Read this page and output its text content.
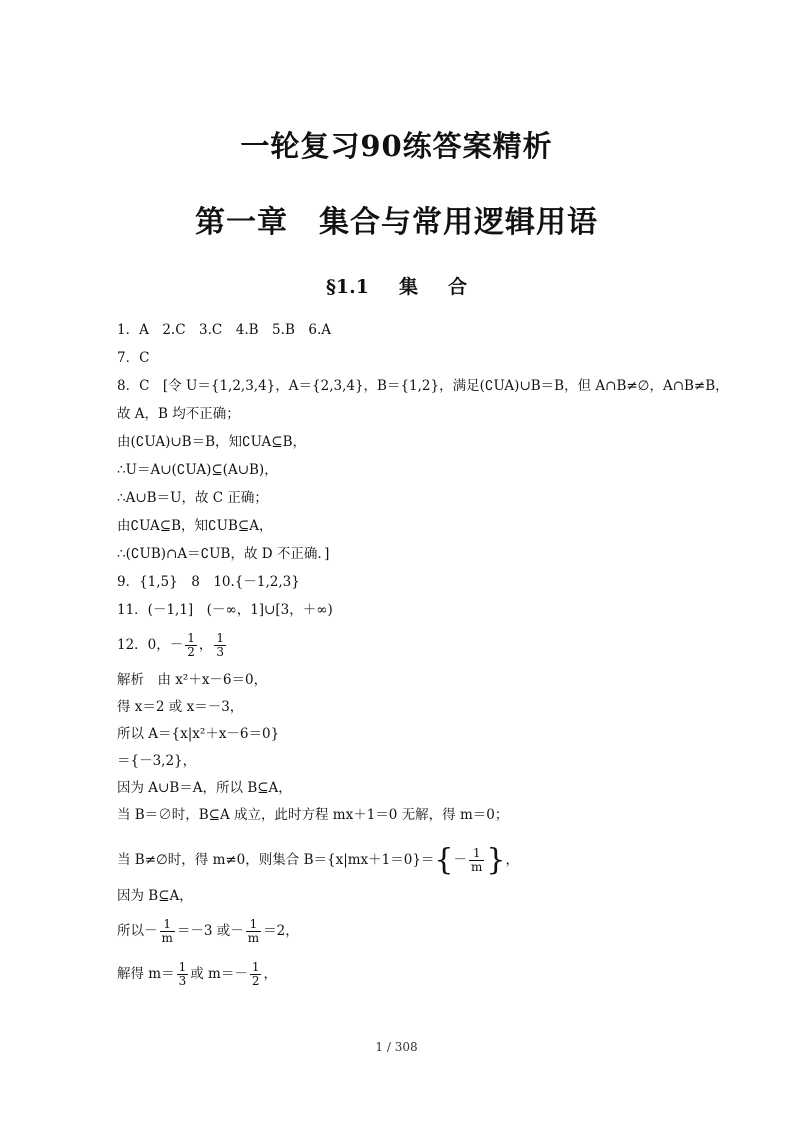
一轮复习90练答案精析
第一章　集合与常用逻辑用语
§1.1 集 合
1．A　2.C　3.C　4.B　5.B　6.A
7．C
8．C　[令 U＝{1,2,3,4}，A＝{2,3,4}，B＝{1,2}，满足(∁UA)∪B＝B，但 A∩B≠∅，A∩B≠B，
故 A，B 均不正确；
由(∁UA)∪B＝B，知∁UA⊆B，
∴U＝A∪(∁UA)⊆(A∪B)，
∴A∪B＝U，故 C 正确；
由∁UA⊆B，知∁UB⊆A，
∴(∁UB)∩A＝∁UB，故 D 不正确．]
9．{1,5}　8　10.{－1,2,3}
11．(－1,1]　(－∞，1]∪[3，＋∞)
12．0，－ $\frac{1}{2}$ ， $\frac{1}{3}$
解析　由 x²＋x－6＝0，
得 x＝2 或 x＝－3，
所以 A＝{x|x²＋x－6＝0}
＝{－3,2}，
因为 A∪B＝A，所以 B⊆A，
当 B＝∅时，B⊆A 成立，此时方程 mx＋1＝0 无解，得 m＝0；
当 B≠∅时，得 m≠0，则集合 $B=\{x|mx+1=0\}=\{- \frac{1}{m}$ }，
因为 B⊆A，
所以－ $\frac{1}{m} =-3$ 或－ $\frac{1}{m} =2$，
解得 $m= \frac{1}{3}$ 或 $m=- \frac{1}{2}$ ，
1 / 308
